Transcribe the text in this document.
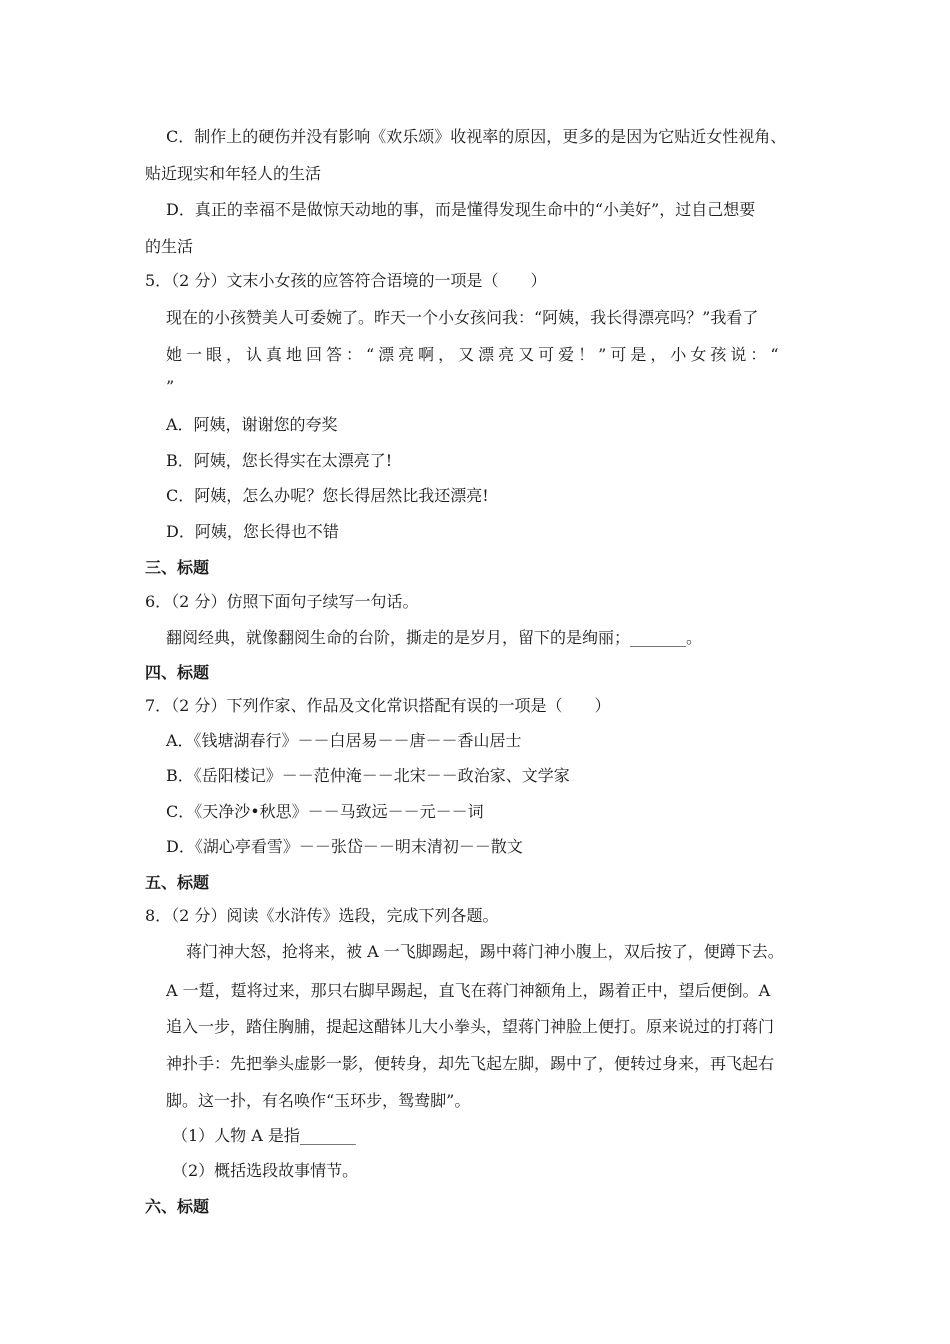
C．制作上的硬伤并没有影响《欢乐颂》收视率的原因，更多的是因为它贴近女性视角、
贴近现实和年轻人的生活
D．真正的幸福不是做惊天动地的事，而是懂得发现生命中的“小美好”，过自己想要
的生活
5．（2 分）文末小女孩的应答符合语境的一项是（　　）
现在的小孩赞美人可委婉了。昨天一个小女孩问我：“阿姨，我长得漂亮吗？”我看了
她一眼，认真地回答：“漂亮啊，又漂亮又可爱！”可是，小女孩说：“
”
A．阿姨，谢谢您的夸奖
B．阿姨，您长得实在太漂亮了!
C．阿姨，怎么办呢？您长得居然比我还漂亮!
D．阿姨，您长得也不错
三、标题
6．（2 分）仿照下面句子续写一句话。
翻阅经典，就像翻阅生命的台阶，撕走的是岁月，留下的是绚丽；_______。
四、标题
7．（2 分）下列作家、作品及文化常识搭配有误的一项是（　　）
A．《钱塘湖春行》－－白居易－－唐－－香山居士
B．《岳阳楼记》－－范仲淹－－北宋－－政治家、文学家
C．《天净沙•秋思》－－马致远－－元－－词
D．《湖心亭看雪》－－张岱－－明末清初－－散文
五、标题
8．（2 分）阅读《水浒传》选段，完成下列各题。
蒋门神大怒，抢将来，被 A 一飞脚踢起，踢中蒋门神小腹上，双后按了，便蹲下去。
A 一踅，踅将过来，那只右脚早踢起，直飞在蒋门神额角上，踢着正中，望后便倒。A
追入一步，踏住胸脯，提起这醋钵儿大小拳头，望蒋门神脸上便打。原来说过的打蒋门
神扑手：先把拳头虚影一影，便转身，却先飞起左脚，踢中了，便转过身来，再飞起右
脚。这一扑，有名唤作“玉环步，鸳鸯脚”。
（1）人物 A 是指_______
（2）概括选段故事情节。
六、标题
